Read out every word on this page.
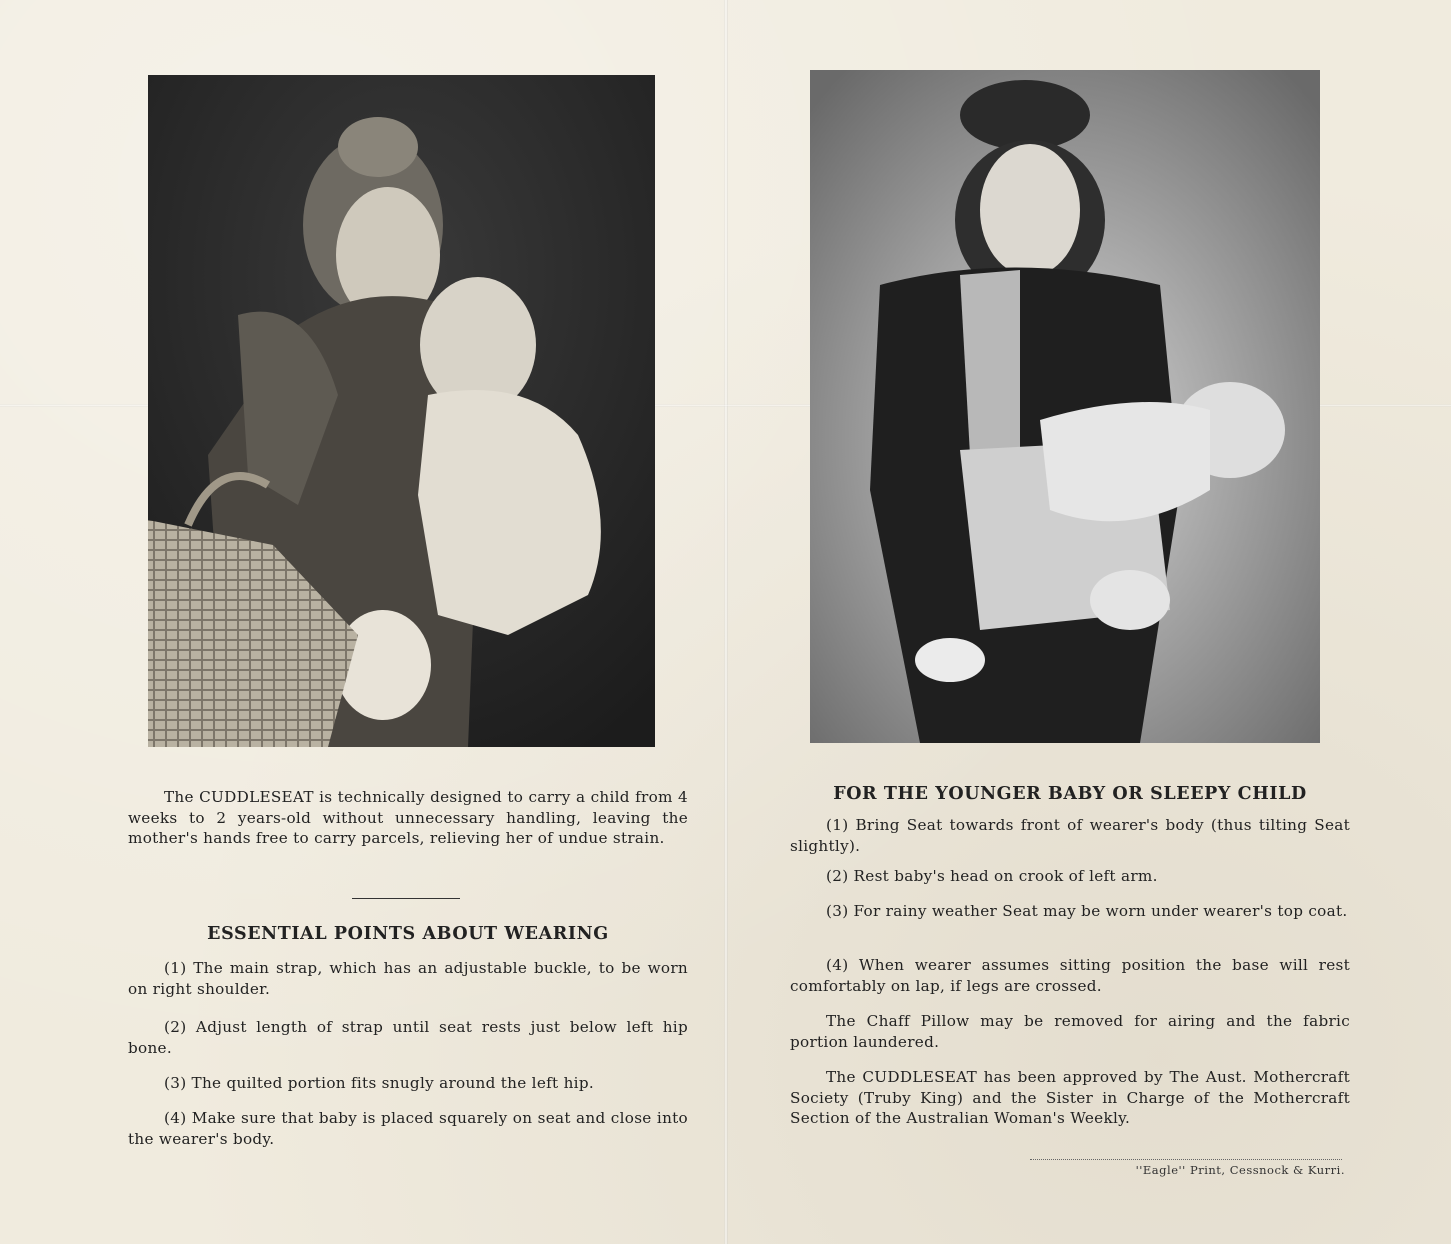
The CUDDLESEAT is technically designed to carry a child from 4 weeks to 2 years-old without unnecessary handling, leaving the mother's hands free to carry parcels, relieving her of undue strain.

ESSENTIAL POINTS ABOUT WEARING

(1) The main strap, which has an adjustable buckle, to be worn on right shoulder.

(2) Adjust length of strap until seat rests just below left hip bone.

(3) The quilted portion fits snugly around the left hip.

(4) Make sure that baby is placed squarely on seat and close into the wearer's body.

FOR THE YOUNGER BABY OR SLEEPY CHILD

(1) Bring Seat towards front of wearer's body (thus tilting Seat slightly).

(2) Rest baby's head on crook of left arm.

(3) For rainy weather Seat may be worn under wearer's top coat.

(4) When wearer assumes sitting position the base will rest comfortably on lap, if legs are crossed.

The Chaff Pillow may be removed for airing and the fabric portion laundered.

The CUDDLESEAT has been approved by The Aust. Mothercraft Society (Truby King) and the Sister in Charge of the Mothercraft Section of the Australian Woman's Weekly.

''Eagle'' Print, Cessnock & Kurri.
